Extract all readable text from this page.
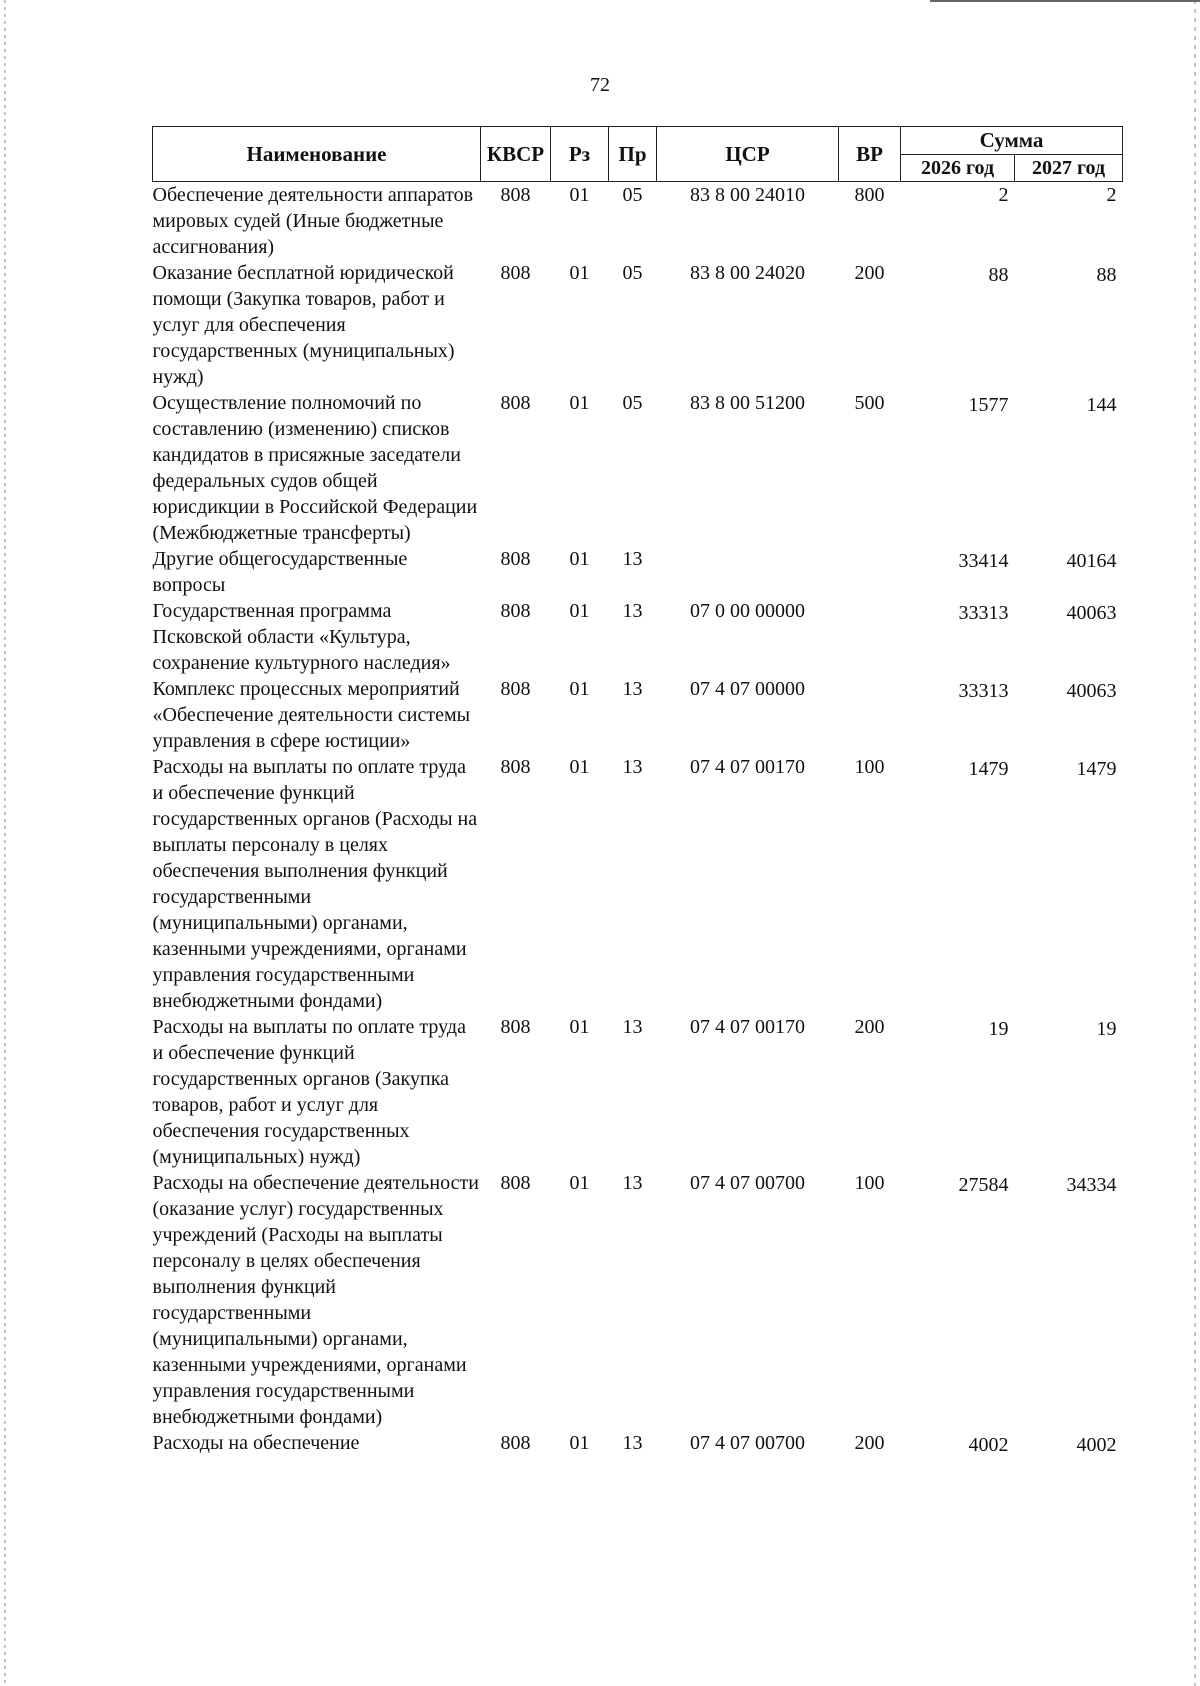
72
Наименование	КВСР	Рз	Пр	ЦСР	ВР	Сумма	
						2026 год	2027 год
Обеспечение деятельности аппаратов мировых судей (Иные бюджетные ассигнования)	808	01	05	83 8 00 24010	800	2	2
Оказание бесплатной юридической помощи (Закупка товаров, работ и услуг для обеспечения государственных (муниципальных) нужд)	808	01	05	83 8 00 24020	200	88	88
Осуществление полномочий по составлению (изменению) списков кандидатов в присяжные заседатели федеральных судов общей юрисдикции в Российской Федерации (Межбюджетные трансферты)	808	01	05	83 8 00 51200	500	1577	144
Другие общегосударственные вопросы	808	01	13			33414	40164
Государственная программа Псковской области «Культура, сохранение культурного наследия»	808	01	13	07 0 00 00000		33313	40063
Комплекс процессных мероприятий «Обеспечение деятельности системы управления в сфере юстиции»	808	01	13	07 4 07 00000		33313	40063
Расходы на выплаты по оплате труда и обеспечение функций государственных органов (Расходы на выплаты персоналу в целях обеспечения выполнения функций государственными (муниципальными) органами, казенными учреждениями, органами управления государственными внебюджетными фондами)	808	01	13	07 4 07 00170	100	1479	1479
Расходы на выплаты по оплате труда и обеспечение функций государственных органов (Закупка товаров, работ и услуг для обеспечения государственных (муниципальных) нужд)	808	01	13	07 4 07 00170	200	19	19
Расходы на обеспечение деятельности (оказание услуг) государственных учреждений (Расходы на выплаты персоналу в целях обеспечения выполнения функций государственными (муниципальными) органами, казенными учреждениями, органами управления государственными внебюджетными фондами)	808	01	13	07 4 07 00700	100	27584	34334
Расходы на обеспечение	808	01	13	07 4 07 00700	200	4002	4002
